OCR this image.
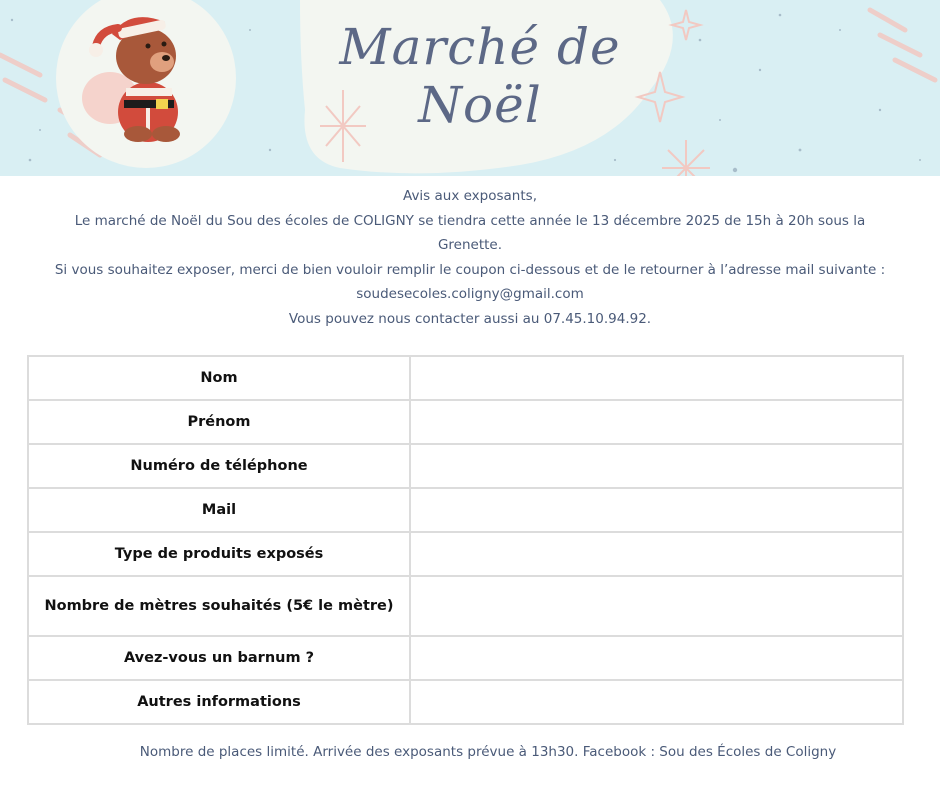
Marché de
Noël
Avis aux exposants,
Le marché de Noël du Sou des écoles de COLIGNY se tiendra cette année le 13 décembre 2025 de 15h à 20h sous la
Grenette.
Si vous souhaitez exposer, merci de bien vouloir remplir le coupon ci-dessous et de le retourner à l’adresse mail suivante :
soudesecoles.coligny@gmail.com
Vous pouvez nous contacter aussi au 07.45.10.94.92.
Nom	
Prénom	
Numéro de téléphone	
Mail	
Type de produits exposés	
Nombre de mètres souhaités (5€ le mètre)	
Avez-vous un barnum ?	
Autres informations	
Nombre de places limité. Arrivée des exposants prévue à 13h30. Facebook : Sou des Écoles de Coligny
